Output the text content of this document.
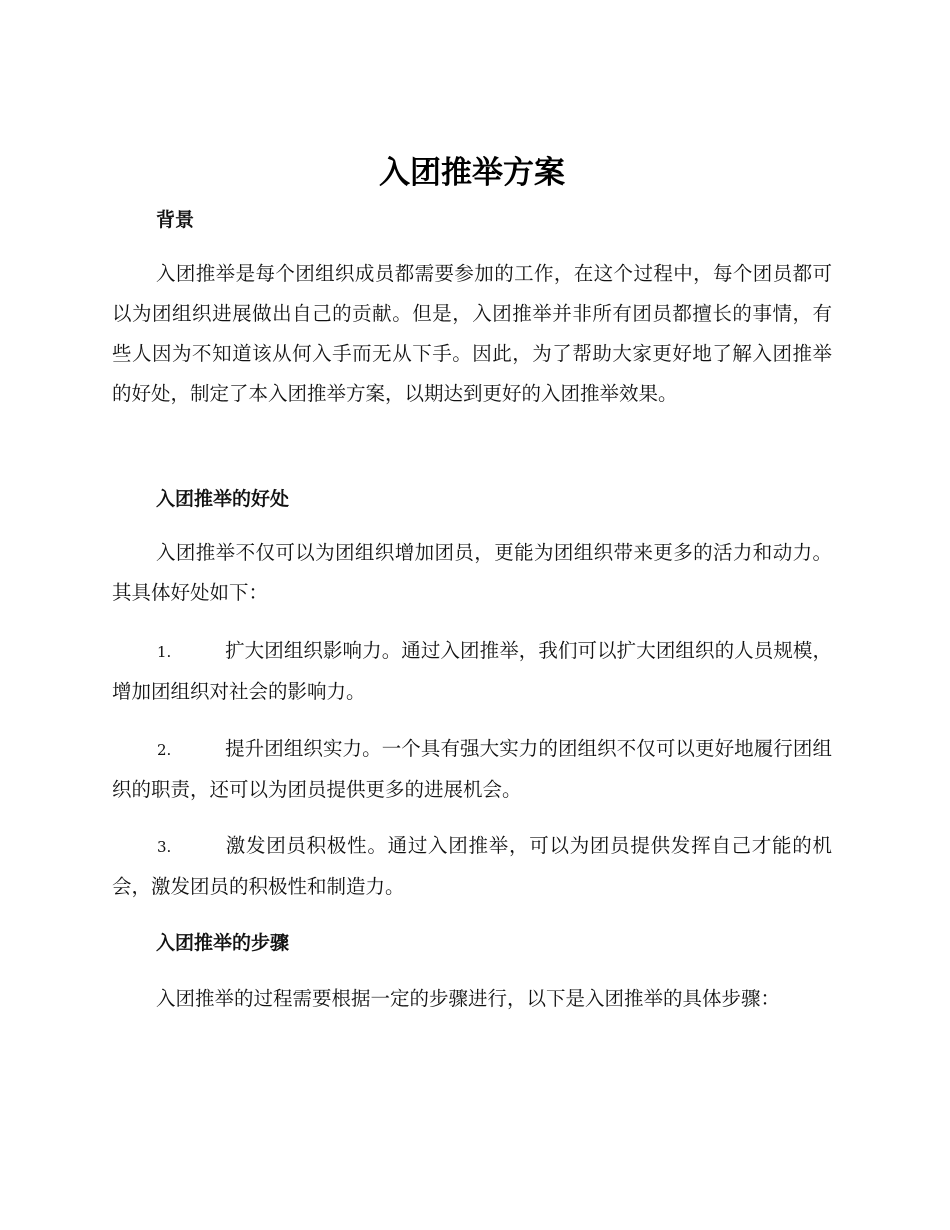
入团推举方案
背景

入团推举是每个团组织成员都需要参加的工作，在这个过程中，每个团员都可以为团组织进展做出自己的贡献。但是，入团推举并非所有团员都擅长的事情，有些人因为不知道该从何入手而无从下手。因此，为了帮助大家更好地了解入团推举的好处，制定了本入团推举方案，以期达到更好的入团推举效果。

入团推举的好处

入团推举不仅可以为团组织增加团员，更能为团组织带来更多的活力和动力。其具体好处如下：

1.	扩大团组织影响力。通过入团推举，我们可以扩大团组织的人员规模，增加团组织对社会的影响力。

2.	提升团组织实力。一个具有强大实力的团组织不仅可以更好地履行团组织的职责，还可以为团员提供更多的进展机会。

3.	激发团员积极性。通过入团推举，可以为团员提供发挥自己才能的机会，激发团员的积极性和制造力。

入团推举的步骤

入团推举的过程需要根据一定的步骤进行，以下是入团推举的具体步骤：
